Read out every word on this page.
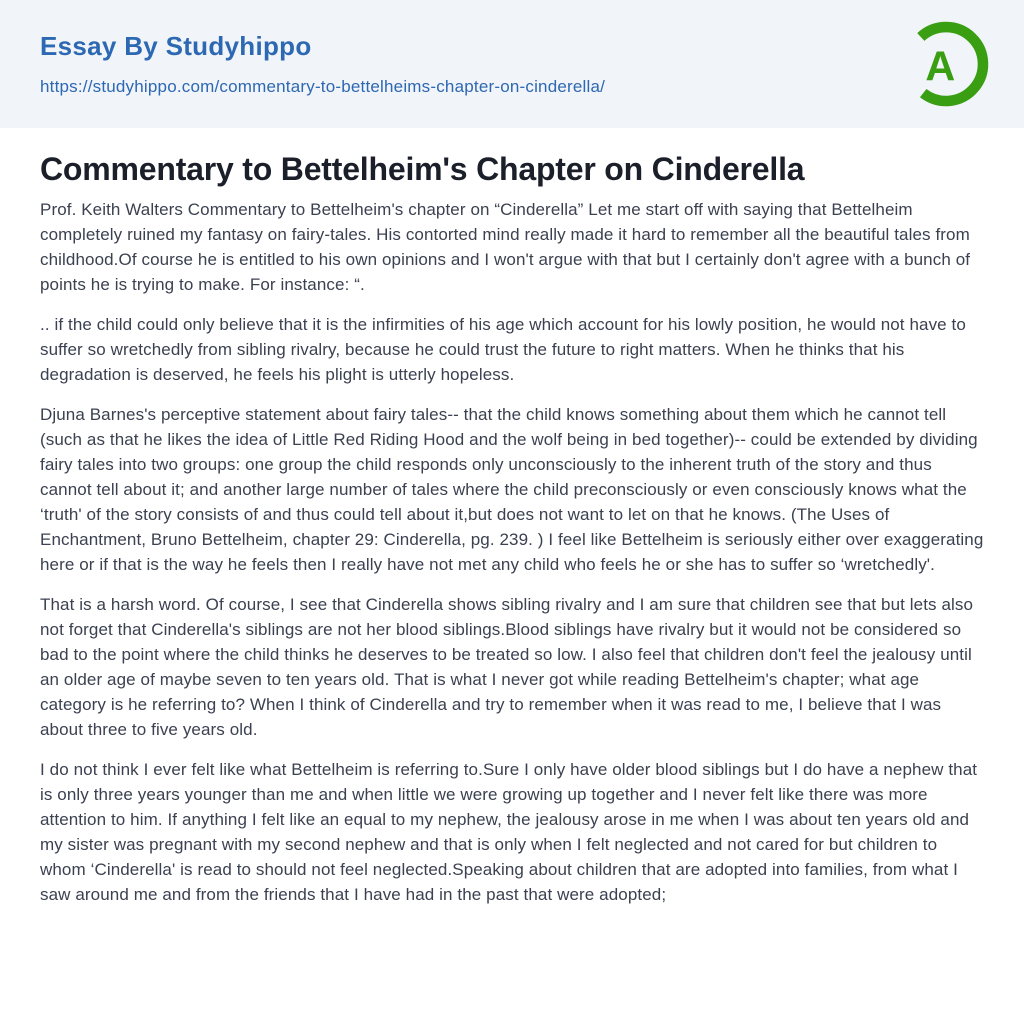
Essay By Studyhippo
https://studyhippo.com/commentary-to-bettelheims-chapter-on-cinderella/	A
Commentary to Bettelheim's Chapter on Cinderella

Prof. Keith Walters Commentary to Bettelheim's chapter on “Cinderella” Let me start off with saying that Bettelheim completely ruined my fantasy on fairy-tales. His contorted mind really made it hard to remember all the beautiful tales from childhood.Of course he is entitled to his own opinions and I won't argue with that but I certainly don't agree with a bunch of points he is trying to make. For instance: “.

.. if the child could only believe that it is the infirmities of his age which account for his lowly position, he would not have to suffer so wretchedly from sibling rivalry, because he could trust the future to right matters. When he thinks that his degradation is deserved, he feels his plight is utterly hopeless.

Djuna Barnes's perceptive statement about fairy tales-- that the child knows something about them which he cannot tell (such as that he likes the idea of Little Red Riding Hood and the wolf being in bed together)-- could be extended by dividing fairy tales into two groups: one group the child responds only unconsciously to the inherent truth of the story and thus cannot tell about it; and another large number of tales where the child preconsciously or even consciously knows what the ‘truth' of the story consists of and thus could tell about it,but does not want to let on that he knows. (The Uses of Enchantment, Bruno Bettelheim, chapter 29: Cinderella, pg. 239. ) I feel like Bettelheim is seriously either over exaggerating here or if that is the way he feels then I really have not met any child who feels he or she has to suffer so ‘wretchedly'.

That is a harsh word. Of course, I see that Cinderella shows sibling rivalry and I am sure that children see that but lets also not forget that Cinderella's siblings are not her blood siblings.Blood siblings have rivalry but it would not be considered so bad to the point where the child thinks he deserves to be treated so low. I also feel that children don't feel the jealousy until an older age of maybe seven to ten years old. That is what I never got while reading Bettelheim's chapter; what age category is he referring to? When I think of Cinderella and try to remember when it was read to me, I believe that I was about three to five years old.

I do not think I ever felt like what Bettelheim is referring to.Sure I only have older blood siblings but I do have a nephew that is only three years younger than me and when little we were growing up together and I never felt like there was more attention to him. If anything I felt like an equal to my nephew, the jealousy arose in me when I was about ten years old and my sister was pregnant with my second nephew and that is only when I felt neglected and not cared for but children to whom ‘Cinderella' is read to should not feel neglected.Speaking about children that are adopted into families, from what I saw around me and from the friends that I have had in the past that were adopted;
